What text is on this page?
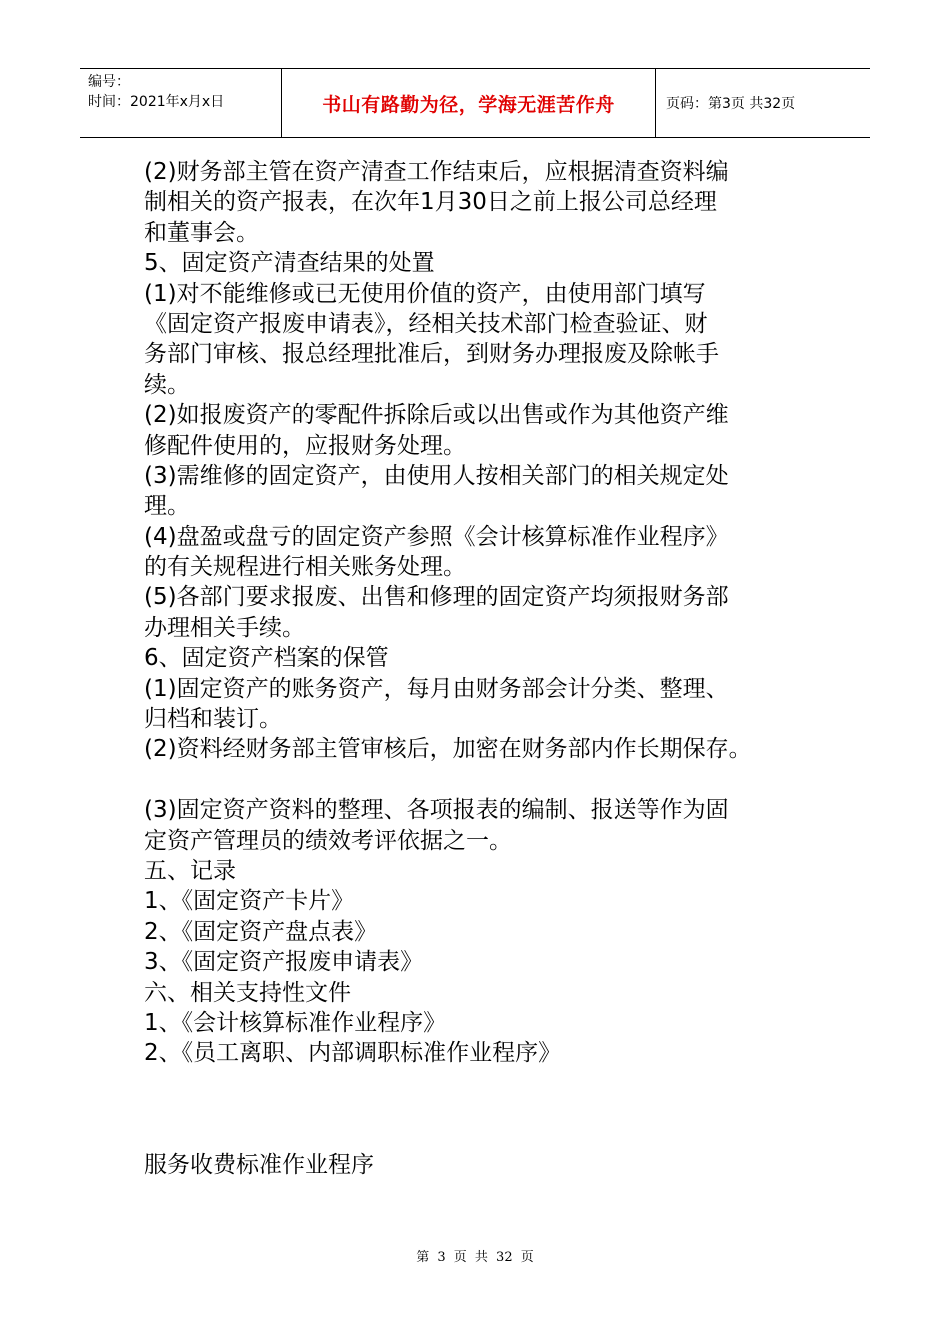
编号：
时间：2021年x月x日	书山有路勤为径，学海无涯苦作舟	页码：第3页 共32页
(2)财务部主管在资产清查工作结束后，应根据清查资料编
制相关的资产报表，在次年1月30日之前上报公司总经理
和董事会。
5、固定资产清查结果的处置
(1)对不能维修或已无使用价值的资产，由使用部门填写
《固定资产报废申请表》，经相关技术部门检查验证、财
务部门审核、报总经理批准后，到财务办理报废及除帐手
续。
(2)如报废资产的零配件拆除后或以出售或作为其他资产维
修配件使用的，应报财务处理。
(3)需维修的固定资产，由使用人按相关部门的相关规定处
理。
(4)盘盈或盘亏的固定资产参照《会计核算标准作业程序》
的有关规程进行相关账务处理。
(5)各部门要求报废、出售和修理的固定资产均须报财务部
办理相关手续。
6、固定资产档案的保管
(1)固定资产的账务资产，每月由财务部会计分类、整理、
归档和装订。
(2)资料经财务部主管审核后，加密在财务部内作长期保存。
(3)固定资产资料的整理、各项报表的编制、报送等作为固
定资产管理员的绩效考评依据之一。
五、记录
1、《固定资产卡片》
2、《固定资产盘点表》
3、《固定资产报废申请表》
六、相关支持性文件
1、《会计核算标准作业程序》
2、《员工离职、内部调职标准作业程序》
服务收费标准作业程序
第 3 页 共 32 页
